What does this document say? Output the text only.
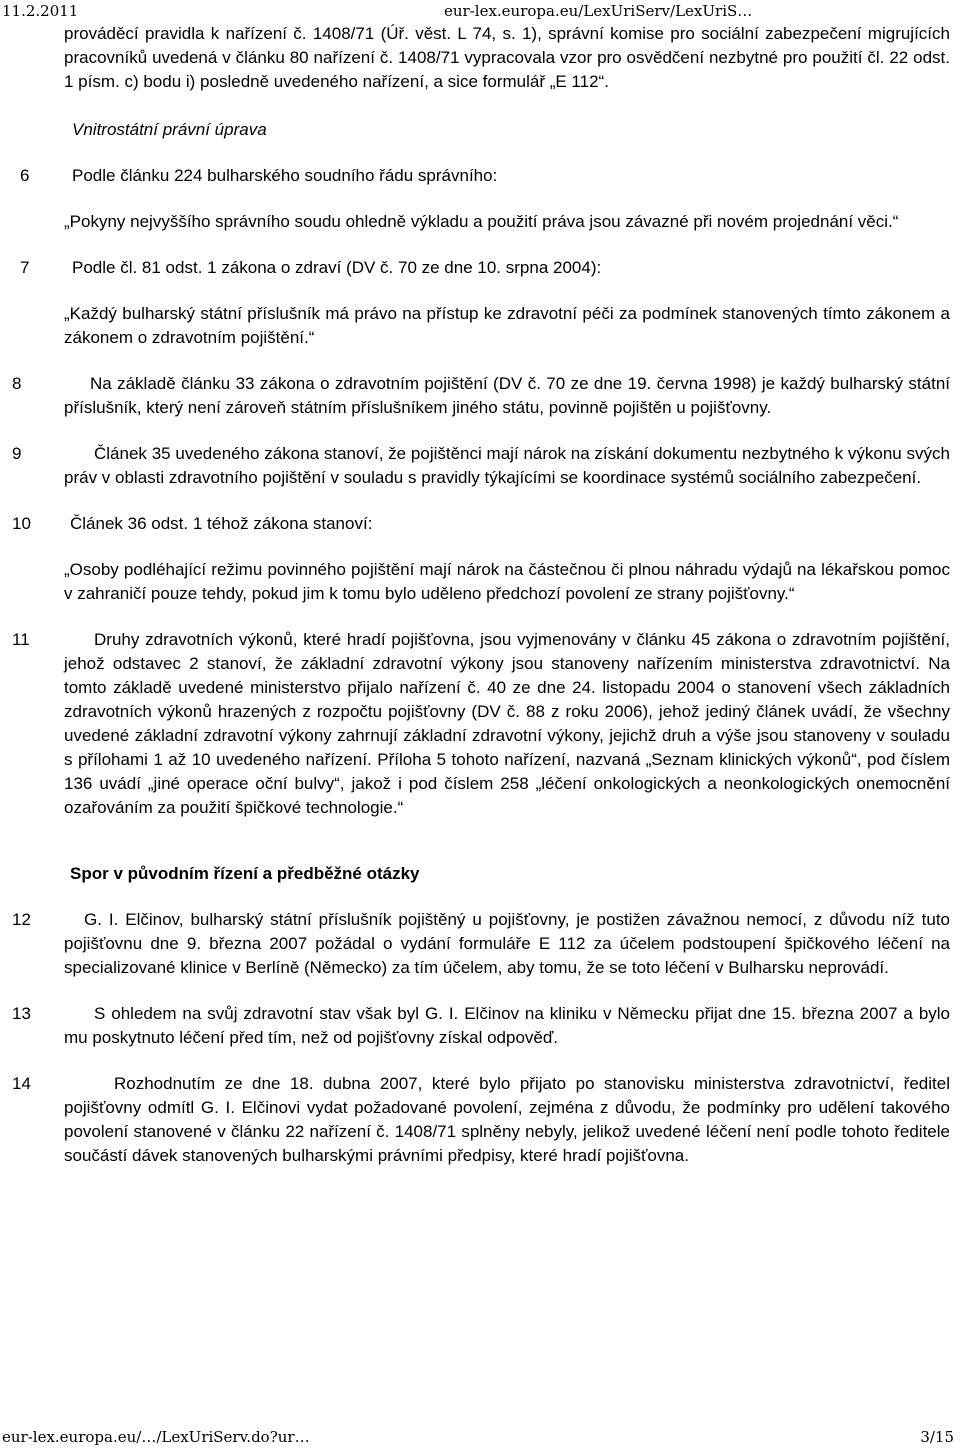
11.2.2011	eur-lex.europa.eu/LexUriServ/LexUriS…

prováděcí pravidla k nařízení č. 1408/71 (Úř. věst. L 74, s. 1), správní komise pro sociální zabezpečení migrujících pracovníků uvedená v článku 80 nařízení č. 1408/71 vypracovala vzor pro osvědčení nezbytné pro použití čl. 22 odst. 1 písm. c) bodu i) posledně uvedeného nařízení, a sice formulář „E 112“.

Vnitrostátní právní úprava

6	Podle článku 224 bulharského soudního řádu správního:

„Pokyny nejvyššího správního soudu ohledně výkladu a použití práva jsou závazné při novém projednání věci.“

7	Podle čl. 81 odst. 1 zákona o zdraví (DV č. 70 ze dne 10. srpna 2004):

„Každý bulharský státní příslušník má právo na přístup ke zdravotní péči za podmínek stanovených tímto zákonem a zákonem o zdravotním pojištění.“

8	Na základě článku 33 zákona o zdravotním pojištění (DV č. 70 ze dne 19. června 1998) je každý bulharský státní příslušník, který není zároveň státním příslušníkem jiného státu, povinně pojištěn u pojišťovny.
9	Článek 35 uvedeného zákona stanoví, že pojištěnci mají nárok na získání dokumentu nezbytného k výkonu svých práv v oblasti zdravotního pojištění v souladu s pravidly týkajícími se koordinace systémů sociálního zabezpečení.
10 Článek 36 odst. 1 téhož zákona stanoví:

„Osoby podléhající režimu povinného pojištění mají nárok na částečnou či plnou náhradu výdajů na lékařskou pomoc v zahraničí pouze tehdy, pokud jim k tomu bylo uděleno předchozí povolení ze strany pojišťovny.“

11	Druhy zdravotních výkonů, které hradí pojišťovna, jsou vyjmenovány v článku 45 zákona o zdravotním pojištění, jehož odstavec 2 stanoví, že základní zdravotní výkony jsou stanoveny nařízením ministerstva zdravotnictví. Na tomto základě uvedené ministerstvo přijalo nařízení č. 40 ze dne 24. listopadu 2004 o stanovení všech základních zdravotních výkonů hrazených z rozpočtu pojišťovny (DV č. 88 z roku 2006), jehož jediný článek uvádí, že všechny uvedené základní zdravotní výkony zahrnují základní zdravotní výkony, jejichž druh a výše jsou stanoveny v souladu s přílohami 1 až 10 uvedeného nařízení. Příloha 5 tohoto nařízení, nazvaná „Seznam klinických výkonů“, pod číslem 136 uvádí „jiné operace oční bulvy“, jakož i pod číslem 258 „léčení onkologických a neonkologických onemocnění ozařováním za použití špičkové technologie.“

Spor v původním řízení a předběžné otázky

12	G. I. Elčinov, bulharský státní příslušník pojištěný u pojišťovny, je postižen závažnou nemocí, z důvodu níž tuto pojišťovnu dne 9. března 2007 požádal o vydání formuláře E 112 za účelem podstoupení špičkového léčení na specializované klinice v Berlíně (Německo) za tím účelem, aby tomu, že se toto léčení v Bulharsku neprovádí.
13	S ohledem na svůj zdravotní stav však byl G. I. Elčinov na kliniku v Německu přijat dne 15. března 2007 a bylo mu poskytnuto léčení před tím, než od pojišťovny získal odpověď.
14	Rozhodnutím ze dne 18. dubna 2007, které bylo přijato po stanovisku ministerstva zdravotnictví, ředitel pojišťovny odmítl G. I. Elčinovi vydat požadované povolení, zejména z důvodu, že podmínky pro udělení takového povolení stanovené v článku 22 nařízení č. 1408/71 splněny nebyly, jelikož uvedené léčení není podle tohoto ředitele součástí dávek stanovených bulharskými právními předpisy, které hradí pojišťovna.
eur-lex.europa.eu/…/LexUriServ.do?ur…	3/15
